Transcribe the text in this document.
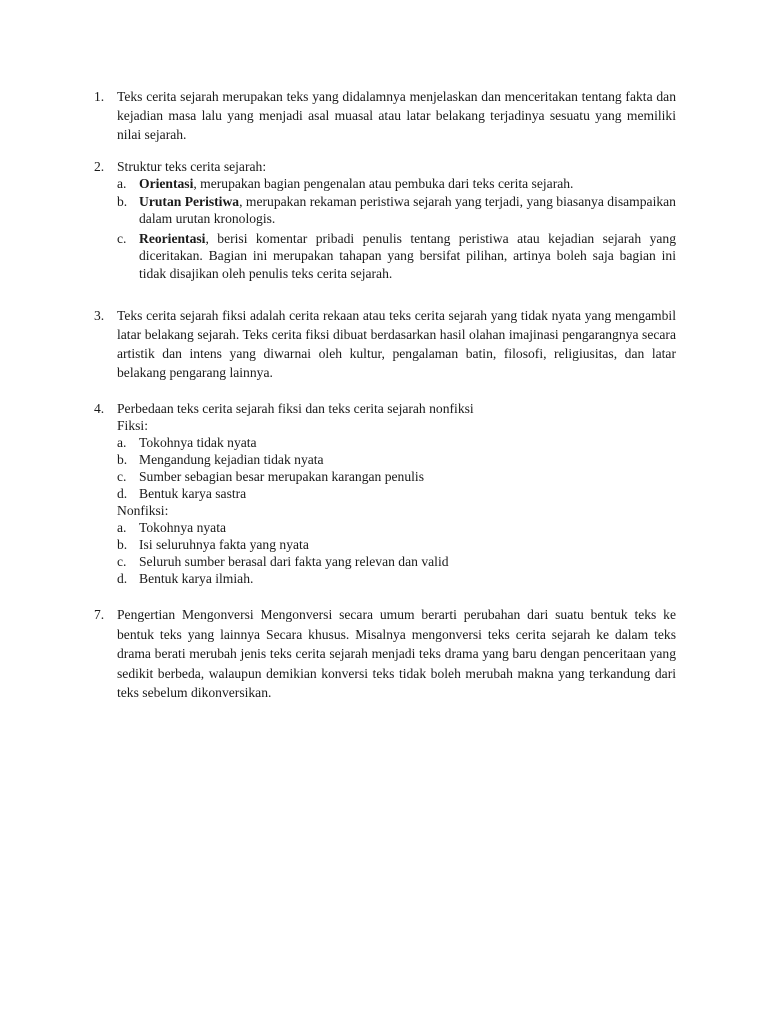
1. Teks cerita sejarah merupakan teks yang didalamnya menjelaskan dan menceritakan tentang fakta dan kejadian masa lalu yang menjadi asal muasal atau latar belakang terjadinya sesuatu yang memiliki nilai sejarah.
2. Struktur teks cerita sejarah:
a. Orientasi, merupakan bagian pengenalan atau pembuka dari teks cerita sejarah.
b. Urutan Peristiwa, merupakan rekaman peristiwa sejarah yang terjadi, yang biasanya disampaikan dalam urutan kronologis.
c. Reorientasi, berisi komentar pribadi penulis tentang peristiwa atau kejadian sejarah yang diceritakan. Bagian ini merupakan tahapan yang bersifat pilihan, artinya boleh saja bagian ini tidak disajikan oleh penulis teks cerita sejarah.
3. Teks cerita sejarah fiksi adalah cerita rekaan atau teks cerita sejarah yang tidak nyata yang mengambil latar belakang sejarah. Teks cerita fiksi dibuat berdasarkan hasil olahan imajinasi pengarangnya secara artistik dan intens yang diwarnai oleh kultur, pengalaman batin, filosofi, religiusitas, dan latar belakang pengarang lainnya.
4. Perbedaan teks cerita sejarah fiksi dan teks cerita sejarah nonfiksi
Fiksi:
a. Tokohnya tidak nyata
b. Mengandung kejadian tidak nyata
c. Sumber sebagian besar merupakan karangan penulis
d. Bentuk karya sastra
Nonfiksi:
a. Tokohnya nyata
b. Isi seluruhnya fakta yang nyata
c. Seluruh sumber berasal dari fakta yang relevan dan valid
d. Bentuk karya ilmiah.
7. Pengertian Mengonversi Mengonversi secara umum berarti perubahan dari suatu bentuk teks ke bentuk teks yang lainnya Secara khusus. Misalnya mengonversi teks cerita sejarah ke dalam teks drama berati merubah jenis teks cerita sejarah menjadi teks drama yang baru dengan penceritaan yang sedikit berbeda, walaupun demikian konversi teks tidak boleh merubah makna yang terkandung dari teks sebelum dikonversikan.
